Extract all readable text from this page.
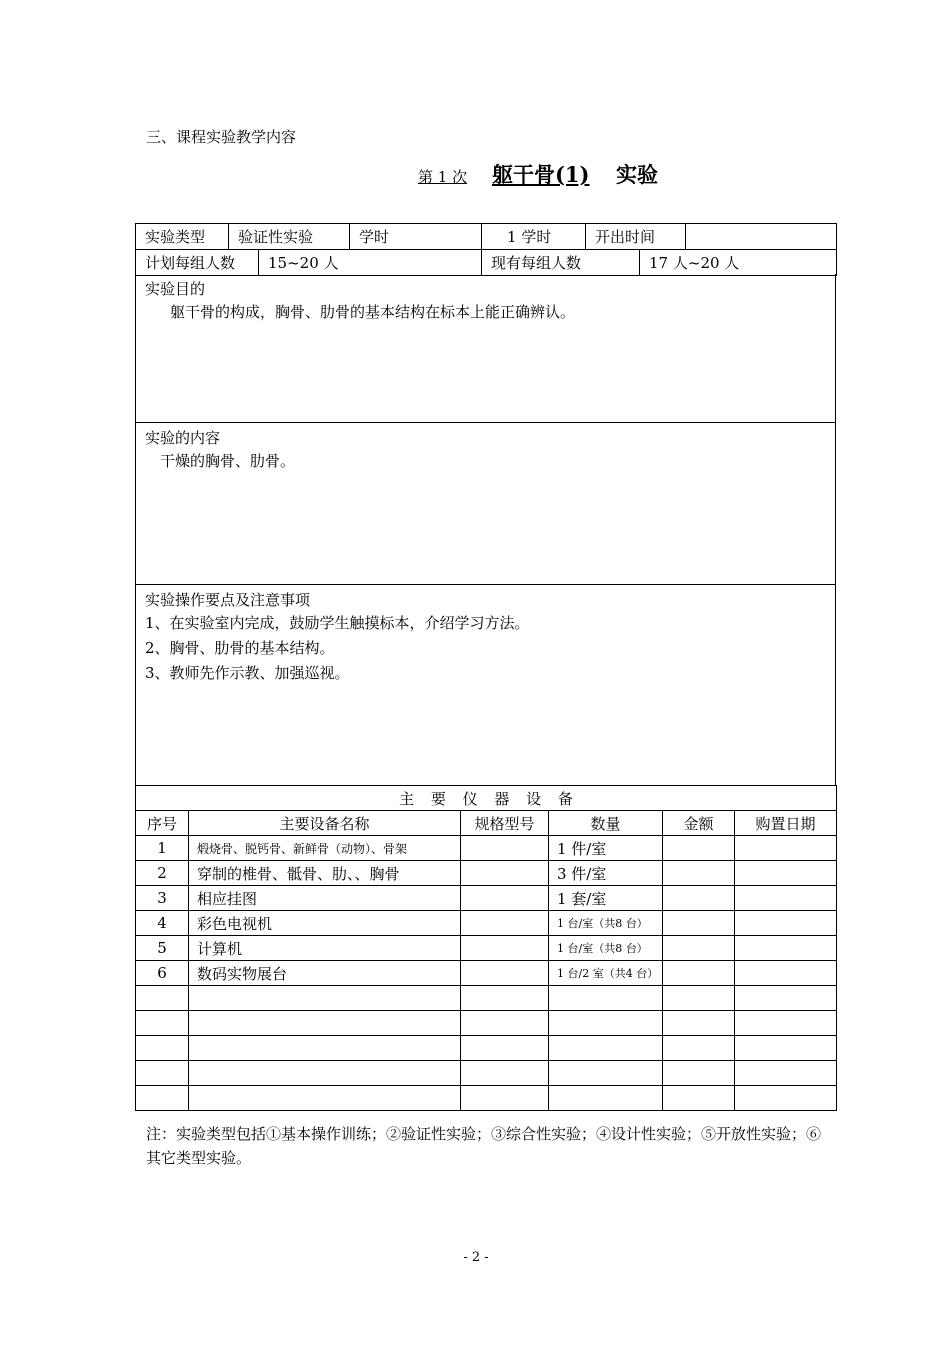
三、课程实验教学内容
第 1 次 躯干骨(1) 实验
实验类型	验证性实验		学时	1 学时	开出时间		
计划每组人数		15~20 人		现有每组人数		17 人~20 人	
实验目的
躯干骨的构成，胸骨、肋骨的基本结构在标本上能正确辨认。
实验的内容
干燥的胸骨、肋骨。
实验操作要点及注意事项
1、在实验室内完成，鼓励学生触摸标本，介绍学习方法。
2、胸骨、肋骨的基本结构。
3、教师先作示教、加强巡视。
主 要 仪 器 设 备					
序号	主要设备名称	规格型号	数量	金额	购置日期
1	煅烧骨、脱钙骨、新鲜骨（动物）、骨架		1 件/室		
2	穿制的椎骨、骶骨、肋、、胸骨		3 件/室		
3	相应挂图		1 套/室		
4	彩色电视机		1 台/室（共8 台）		
5	计算机		1 台/室（共8 台）		
6	数码实物展台		1 台/2 室（共4 台）		

注：实验类型包括①基本操作训练；②验证性实验；③综合性实验；④设计性实验；⑤开放性实验；⑥其它类型实验。
- 2 -
